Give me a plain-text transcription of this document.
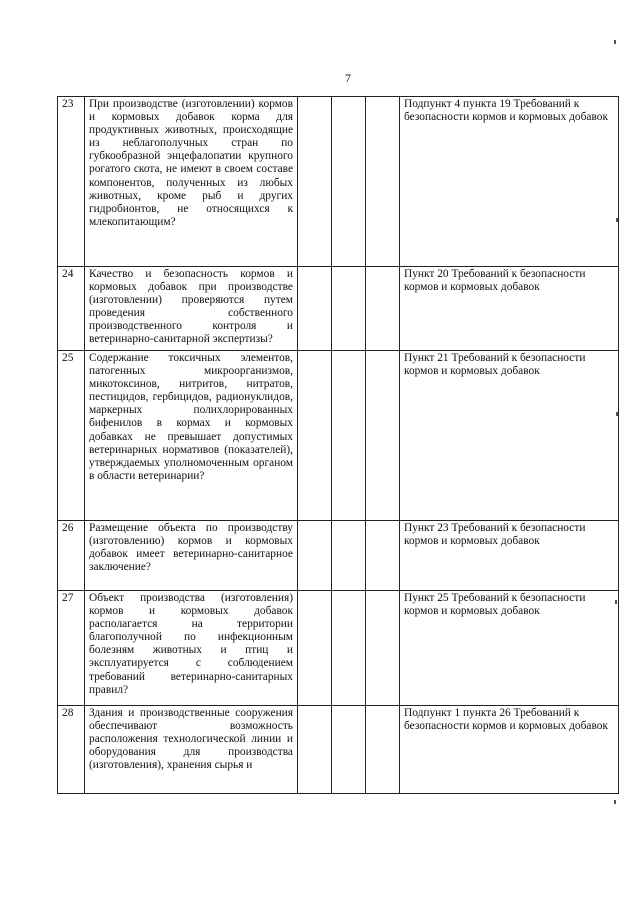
7
23	При производстве (изготовлении) кормов и кормовых добавок корма для продуктивных животных, происходящие из неблагополучных стран по губкообразной энцефалопатии крупного рогатого скота, не имеют в своем составе компонентов, полученных из любых животных, кроме рыб и других гидробионтов, не относящихся к млекопитающим?				Подпункт 4 пункта 19 Требований к безопасности кормов и кормовых добавок
24	Качество и безопасность кормов и кормовых добавок при производстве (изготовлении) проверяются путем проведения собственного производственного контроля и ветеринарно-санитарной экспертизы?				Пункт 20 Требований к безопасности кормов и кормовых добавок
25	Содержание токсичных элементов, патогенных микроорганизмов, микотоксинов, нитритов, нитратов, пестицидов, гербицидов, радионуклидов, маркерных полихлорированных бифенилов в кормах и кормовых добавках не превышает допустимых ветеринарных нормативов (показателей), утверждаемых уполномоченным органом в области ветеринарии?				Пункт 21 Требований к безопасности кормов и кормовых добавок
26	Размещение объекта по производству (изготовлению) кормов и кормовых добавок имеет ветеринарно-санитарное заключение?				Пункт 23 Требований к безопасности кормов и кормовых добавок
27	Объект производства (изготовления) кормов и кормовых добавок располагается на территории благополучной по инфекционным болезням животных и птиц и эксплуатируется с соблюдением требований ветеринарно-санитарных правил?				Пункт 25 Требований к безопасности кормов и кормовых добавок
28	Здания и производственные сооружения обеспечивают возможность расположения технологической линии и оборудования для производства (изготовления), хранения сырья и				Подпункт 1 пункта 26 Требований к безопасности кормов и кормовых добавок
